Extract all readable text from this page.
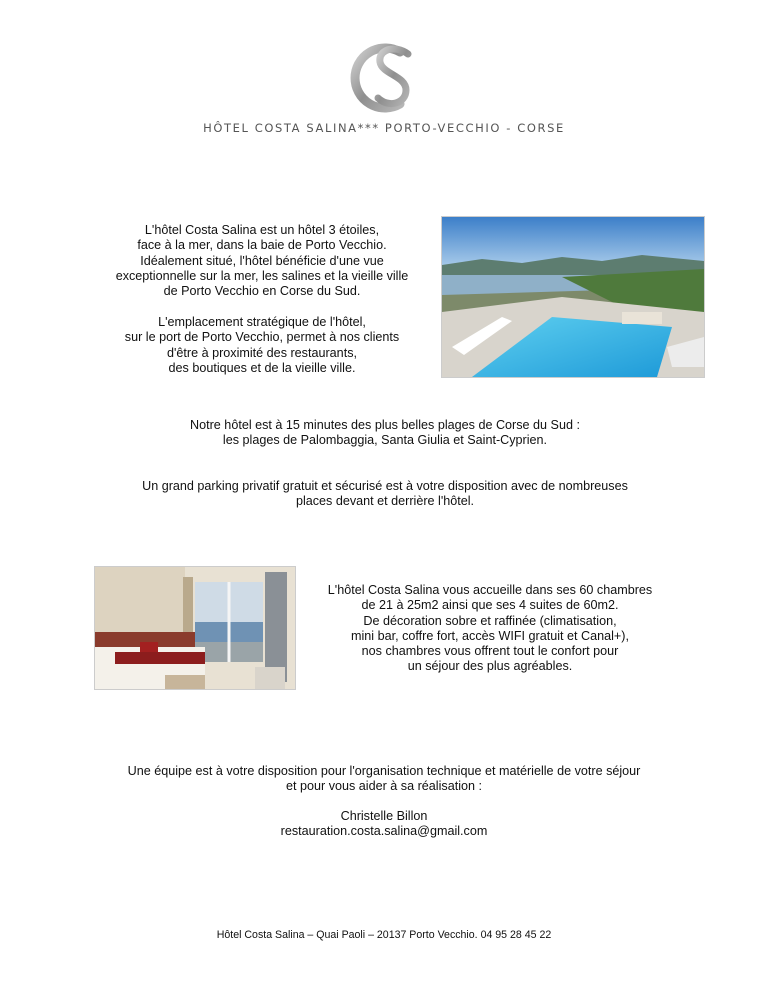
HÔTEL COSTA SALINA*** PORTO-VECCHIO - CORSE

L'hôtel Costa Salina est un hôtel 3 étoiles,

face à la mer, dans la baie de Porto Vecchio.

Idéalement situé, l'hôtel bénéficie d'une vue

exceptionnelle sur la mer, les salines et la vieille ville

de Porto Vecchio en Corse du Sud.

L'emplacement stratégique de l'hôtel,

sur le port de Porto Vecchio, permet à nos clients

d'être à proximité des restaurants,

des boutiques et de la vieille ville.

Notre hôtel est à 15 minutes des plus belles plages de Corse du Sud :

les plages de Palombaggia, Santa Giulia et Saint-Cyprien.

Un grand parking privatif gratuit et sécurisé est à votre disposition avec de nombreuses

places devant et derrière l'hôtel.

L'hôtel Costa Salina vous accueille dans ses 60 chambres

de 21 à 25m2 ainsi que ses 4 suites de 60m2.

De décoration sobre et raffinée (climatisation,

mini bar, coffre fort, accès WIFI gratuit et Canal+),

nos chambres vous offrent tout le confort pour

un séjour des plus agréables.

Une équipe est à votre disposition pour l'organisation technique et matérielle de votre séjour

et pour vous aider à sa réalisation :

Christelle Billon

restauration.costa.salina@gmail.com

Hôtel Costa Salina – Quai Paoli – 20137 Porto Vecchio. 04 95 28 45 22
